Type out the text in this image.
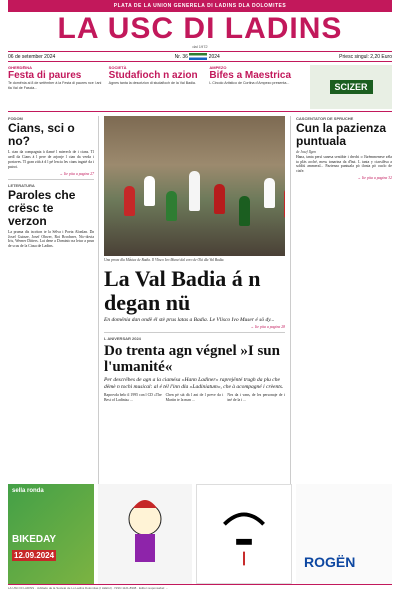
PLATA DE LA UNION GENERELA DI LADINS DLA DOLOMITES
LA USC DI LADINS
dal 1972
06 de setember 2024	Nr. 36	2024	Priesc singul: 2,20 Euro
GHERDËINA
Festa di paures
Te domënia ai 8 de setëmber à la Festa di paures nce l ani tla Val de Fascia...
SOCIETÀ
Studafioch n azion
Agnes tanta la descrizion di studafioch de la Val Badia.
AMPEZO
Bifes a Maestrica
L Circolo Artistico de Cortina d'Ampezo presenta...	SCIZER
FODOM
Cians, sci o no?
L cian da compagnia à tlamé l mierech de i cians. Tl uedl da Cians à l pere de arjonje l cian da verda i portaves. Tl gran zità à d l pé lescia les cians ingaté da i patroi.
→ Ite pita a pagina 27
LETERATURA
Paroles che crësc te verzon
La pruma dis iscriton te la Sëlva i Poeta Alonlan. Da Josef Guinze, Josef Obwer, Roi Brochner, Nic-dovia Iris, Werner Ditters. Lat dene a Dominic na letur a prun de scus de la Ciasa de Ladins.
Una prova dla Mǘsica de Badia. Il Vlisco Ivo Munei dal coro de Olà dla Val Badia.
La Val Badia á n degan nü
En domënia dan ondë él stè prus latas a Badia. Le Vlisco Ivo Muser é sö dy...
→ Ite pita a pagina 28
L ANIVERSAR 2024
Do trenta agn végnel »I sun l'umanité«
Per descrëbes de agn a la ciamésa »Hann Ladiner« raprejënté trugh da plu che dëmè n tochi musical: al é tél l'inn dla »Ladiniatum«, che à acompagné i crèents.
Raprovda belo il 1995 con l CD »The Best of Ladinia« ...
Chen pë stà dà l ani de l preve da i Martin te la man ...
Nes da i vans, de les personaje de i iné de la i ...
CASCENTATOR DE SPRUCHE
Cun la pazienza puntuala
de Josef Ilgen
Hana, tanta persì sanesa sentibie i drechi o l'ürèmmenese zéla ta plàs acché, mess tonarina da d'but. L tanta y ciarsilèsa a soldiù ammeral... Pazienza puntuala pò tlonia pò ouclo de ciafe.
→ Ite pita a pagina 32
sella ronda
BIKEDAY
12.09.2024	ROGËN
LA USC DI LADINS · Jubilado de la Societé de Lo Ladins Dolomitas (I LEEGI) · ISSN 1121-8908 · Editor responsabel: ...
